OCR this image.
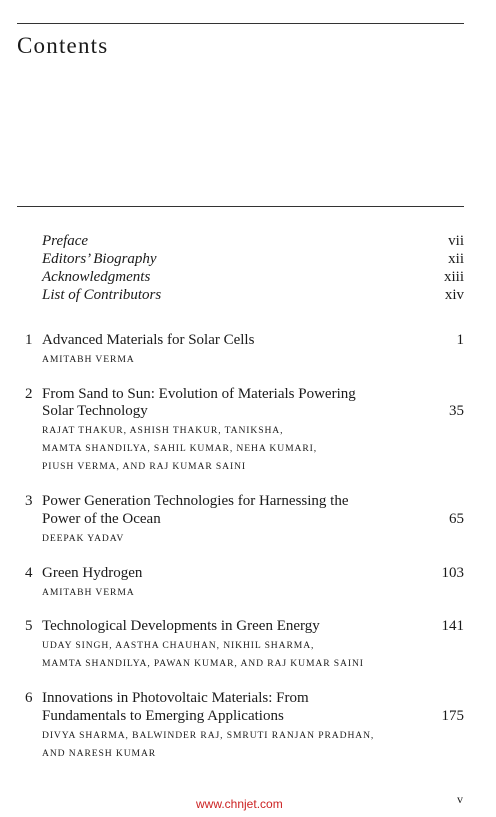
Contents
Preface	vii
Editors’ Biography	xii
Acknowledgments	xiii
List of Contributors	xiv
1 Advanced Materials for Solar Cells	1
AMITABH VERMA
2 From Sand to Sun: Evolution of Materials Powering
Solar Technology	35
RAJAT THAKUR, ASHISH THAKUR, TANIKSHA,
MAMTA SHANDILYA, SAHIL KUMAR, NEHA KUMARI,
PIUSH VERMA, AND RAJ KUMAR SAINI
3 Power Generation Technologies for Harnessing the
Power of the Ocean	65
DEEPAK YADAV
4 Green Hydrogen	103
AMITABH VERMA
5 Technological Developments in Green Energy	141
UDAY SINGH, AASTHA CHAUHAN, NIKHIL SHARMA,
MAMTA SHANDILYA, PAWAN KUMAR, AND RAJ KUMAR SAINI
6 Innovations in Photovoltaic Materials: From
Fundamentals to Emerging Applications	175
DIVYA SHARMA, BALWINDER RAJ, SMRUTI RANJAN PRADHAN,
AND NARESH KUMAR
www.chnjet.com	v
